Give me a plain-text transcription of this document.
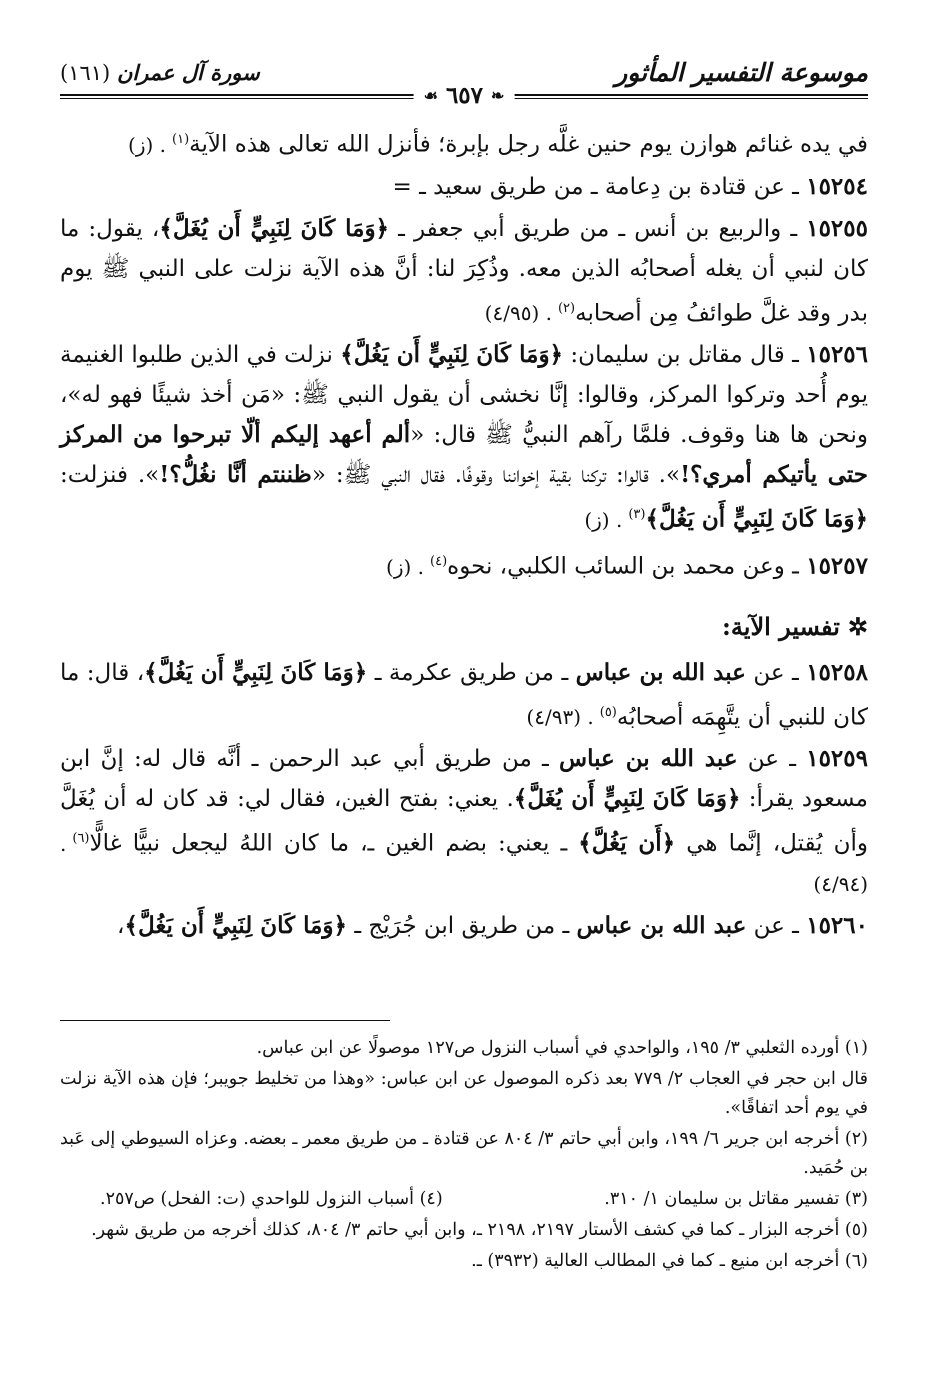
موسوعة التفسير المأثور
سورة آل عمران (١٦١)
❧
٦٥٧
☙

في يده غنائم هوازن يوم حنين غلَّه رجل بإبرة؛ فأنزل الله تعالى هذه الآية$^{(١)}$. (ز)

١٥٢٥٤ ـ عن قتادة بن دِعامة ـ من طريق سعيد ـ =

١٥٢٥٥ ـ والربيع بن أنس ـ من طريق أبي جعفر ـ ﴿وَمَا كَانَ لِنَبِيٍّ أَن يُغَلَّ﴾، يقول: ما كان لنبي أن يغله أصحابُه الذين معه. وذُكِرَ لنا: أنَّ هذه الآية نزلت على النبي ﷺ يوم بدر وقد غلَّ طوائفُ مِن أصحابه$^{(٢)}$. (٤/٩٥)

١٥٢٥٦ ـ قال مقاتل بن سليمان: ﴿وَمَا كَانَ لِنَبِيٍّ أَن يَغُلَّ﴾ نزلت في الذين طلبوا الغنيمة يوم أُحد وتركوا المركز، وقالوا: إنَّا نخشى أن يقول النبي ﷺ: «مَن أخذ شيئًا فهو له»، ونحن ها هنا وقوف. فلمَّا رآهم النبيُّ ﷺ قال: «ألم أعهد إليكم ألّا تبرحوا من المركز حتى يأتيكم أمري؟!». قالوا: تركنا بقية إخواننا وقوفًا. فقال النبي ﷺ: «ظننتم أنَّا نغُلُّ؟!». فنزلت: ﴿وَمَا كَانَ لِنَبِيٍّ أَن يَغُلَّ﴾$^{(٣)}$. (ز)

١٥٢٥٧ ـ وعن محمد بن السائب الكلبي، نحوه$^{(٤)}$. (ز)

✲تفسير الآية:

١٥٢٥٨ ـ عن عبد الله بن عباس ـ من طريق عكرمة ـ ﴿وَمَا كَانَ لِنَبِيٍّ أَن يَغُلَّ﴾، قال: ما كان للنبي أن يتَّهِمَه أصحابُه$^{(٥)}$. (٤/٩٣)

١٥٢٥٩ ـ عن عبد الله بن عباس ـ من طريق أبي عبد الرحمن ـ أنَّه قال له: إنَّ ابن مسعود يقرأ: ﴿وَمَا كَانَ لِنَبِيٍّ أَن يُغَلَّ﴾. يعني: بفتح الغين، فقال لي: قد كان له أن يُغَلَّ وأن يُقتل، إنَّما هي ﴿أَن يَغُلَّ﴾ ـ يعني: بضم الغين ـ، ما كان اللهُ ليجعل نبيًّا غالًّا$^{(٦)}$. (٤/٩٤)

١٥٢٦٠ ـ عن عبد الله بن عباس ـ من طريق ابن جُرَيْج ـ ﴿وَمَا كَانَ لِنَبِيٍّ أَن يَغُلَّ﴾،

(١) أورده الثعلبي ٣/ ١٩٥، والواحدي في أسباب النزول ص١٢٧ موصولًا عن ابن عباس.

قال ابن حجر في العجاب ٢/ ٧٧٩ بعد ذكره الموصول عن ابن عباس: «وهذا من تخليط جويبر؛ فإن هذه الآية نزلت في يوم أحد اتفاقًا».

(٢) أخرجه ابن جرير ٦/ ١٩٩، وابن أبي حاتم ٣/ ٨٠٤ عن قتادة ـ من طريق معمر ـ بعضه. وعزاه السيوطي إلى عَبد بن حُمَيد.

(٣) تفسير مقاتل بن سليمان ١/ ٣١٠.

(٤) أسباب النزول للواحدي (ت: الفحل) ص٢٥٧.

(٥) أخرجه البزار ـ كما في كشف الأستار ٢١٩٧، ٢١٩٨ ـ، وابن أبي حاتم ٣/ ٨٠٤، كذلك أخرجه من طريق شهر.

(٦) أخرجه ابن منيع ـ كما في المطالب العالية (٣٩٣٢) ـ.
